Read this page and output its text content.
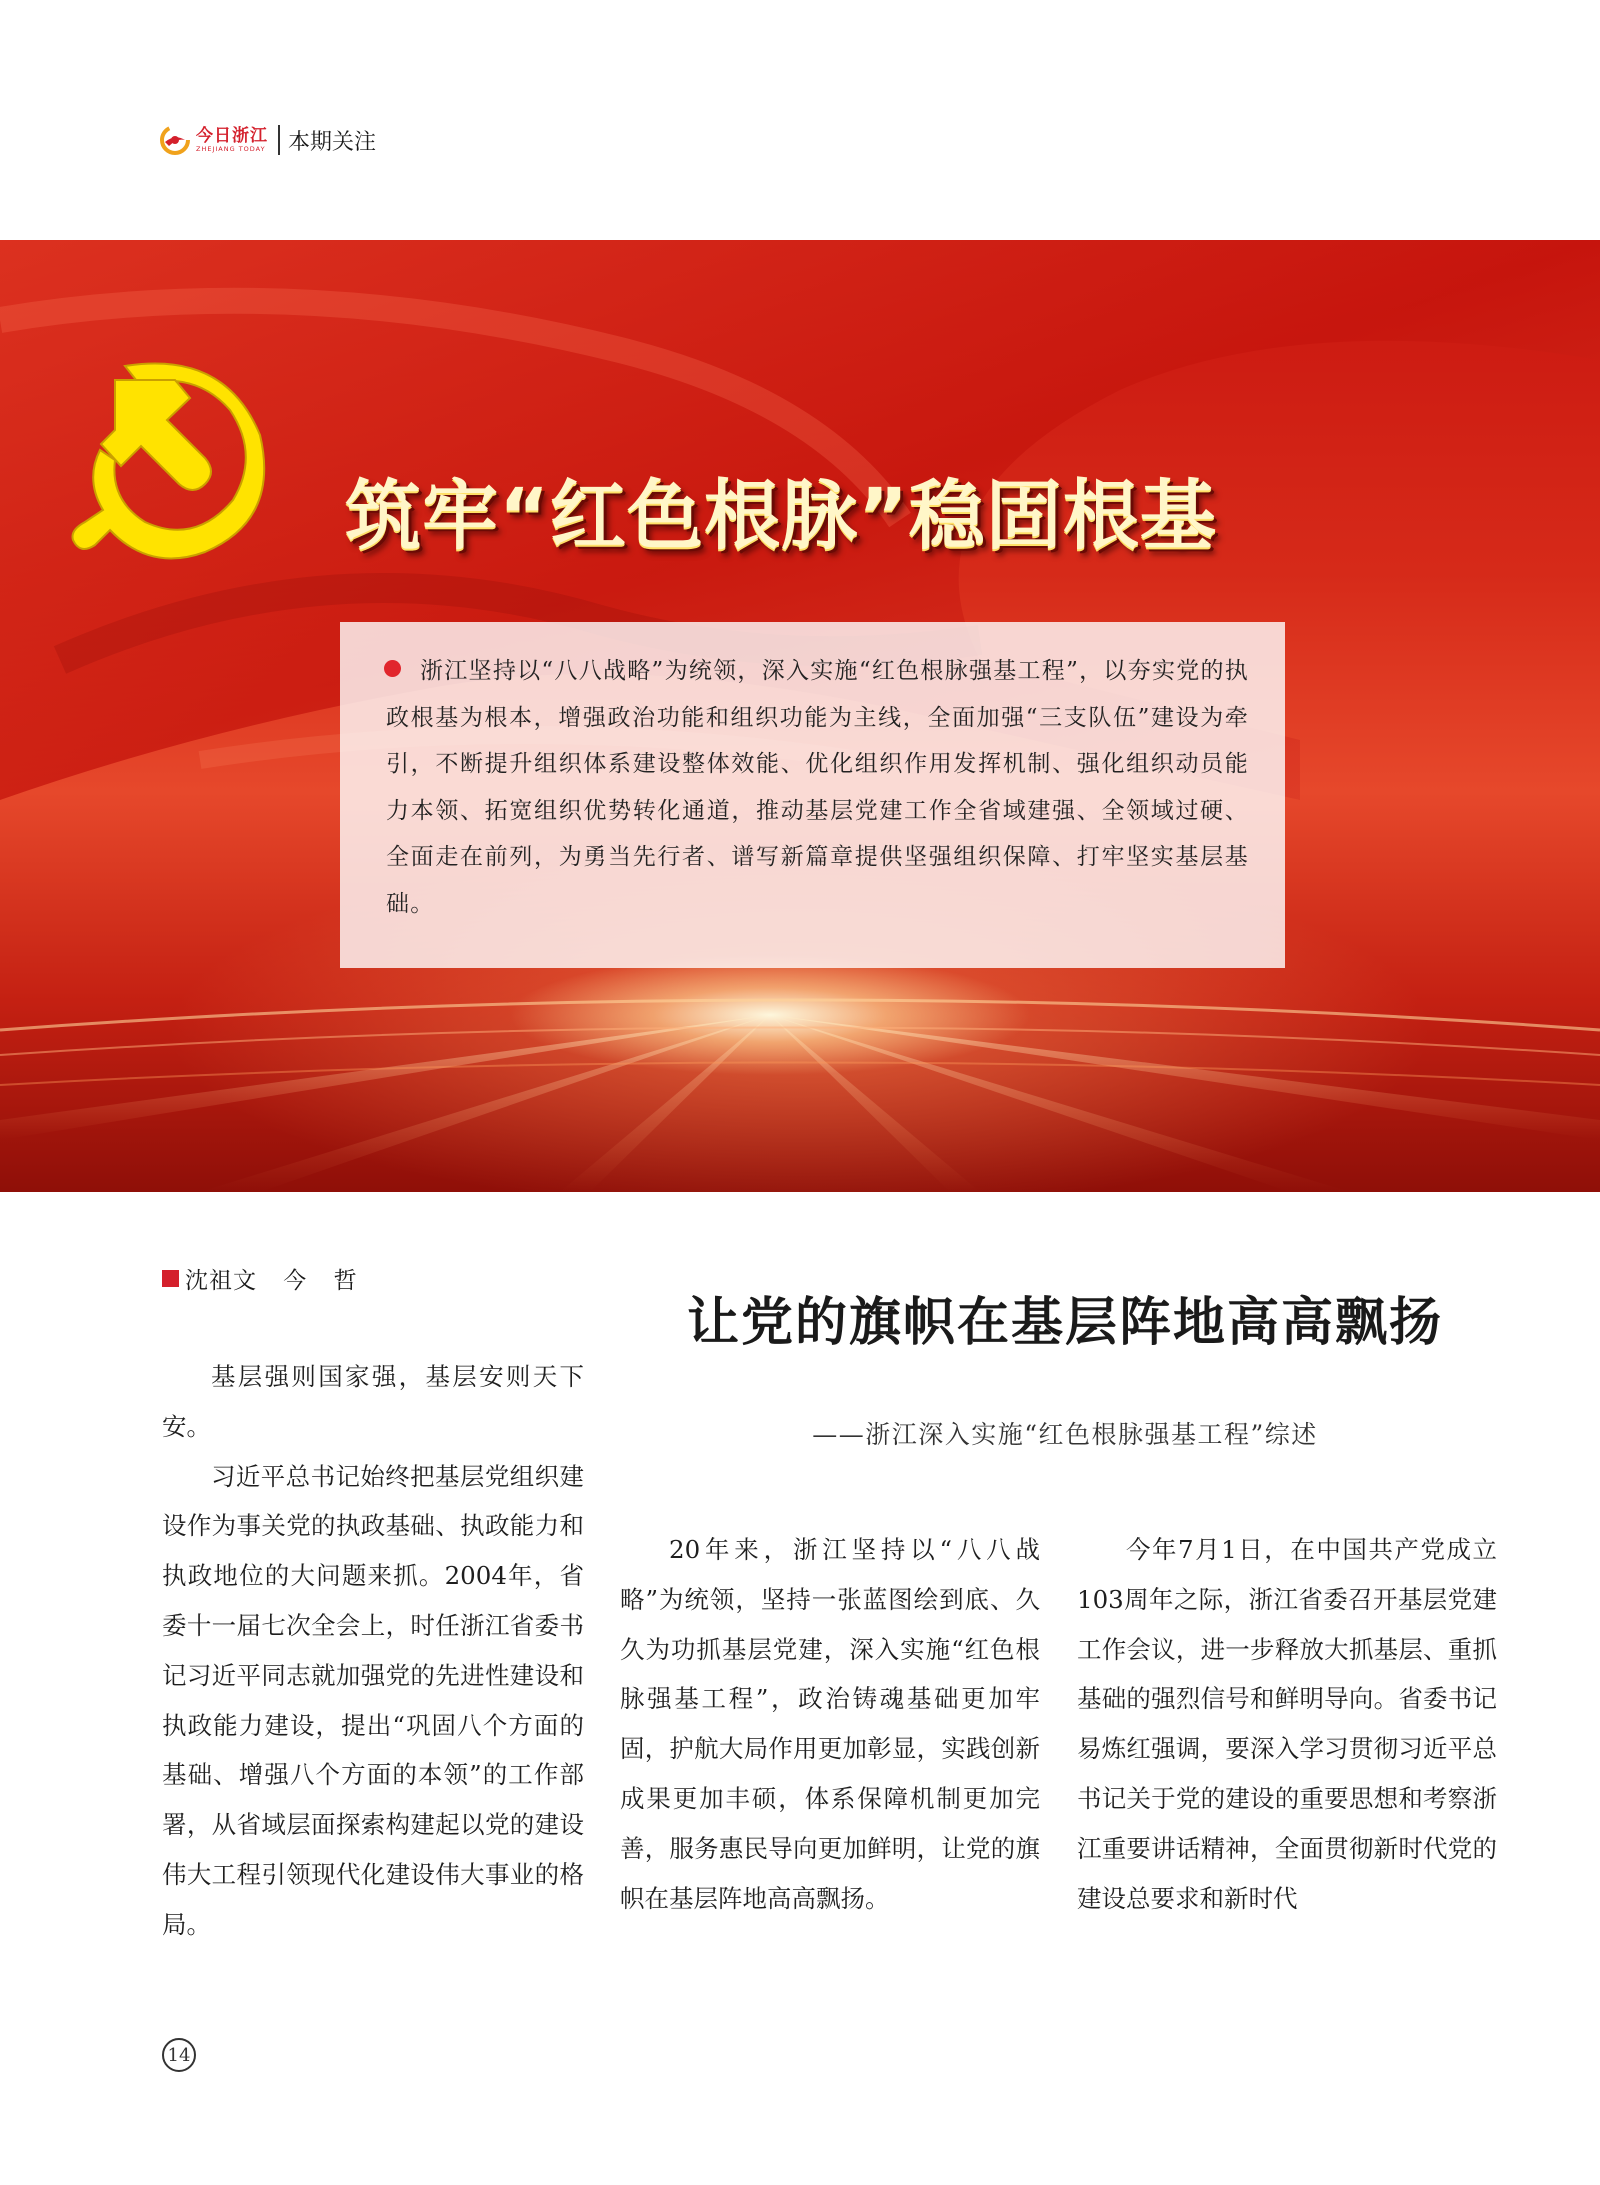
今日浙江
ZHEJIANG TODAY 本期关注
筑牢“红色根脉”稳固根基

浙江坚持以“八八战略”为统领，深入实施“红色根脉强基工程”，以夯实党的执政根基为根本，增强政治功能和组织功能为主线，全面加强“三支队伍”建设为牵引，不断提升组织体系建设整体效能、优化组织作用发挥机制、强化组织动员能力本领、拓宽组织优势转化通道，推动基层党建工作全省域建强、全领域过硬、全面走在前列，为勇当先行者、谱写新篇章提供坚强组织保障、打牢坚实基层基础。

沈祖文 今 哲
让党的旗帜在基层阵地高高飘扬

——浙江深入实施“红色根脉强基工程”综述

基层强则国家强，基层安则天下安。

习近平总书记始终把基层党组织建设作为事关党的执政基础、执政能力和执政地位的大问题来抓。2004年，省委十一届七次全会上，时任浙江省委书记习近平同志就加强党的先进性建设和执政能力建设，提出“巩固八个方面的基础、增强八个方面的本领”的工作部署，从省域层面探索构建起以党的建设伟大工程引领现代化建设伟大事业的格局。

20年来，浙江坚持以“八八战略”为统领，坚持一张蓝图绘到底、久久为功抓基层党建，深入实施“红色根脉强基工程”，政治铸魂基础更加牢固，护航大局作用更加彰显，实践创新成果更加丰硕，体系保障机制更加完善，服务惠民导向更加鲜明，让党的旗帜在基层阵地高高飘扬。

今年7月1日，在中国共产党成立103周年之际，浙江省委召开基层党建工作会议，进一步释放大抓基层、重抓基础的强烈信号和鲜明导向。省委书记易炼红强调，要深入学习贯彻习近平总书记关于党的建设的重要思想和考察浙江重要讲话精神，全面贯彻新时代党的建设总要求和新时代

14
